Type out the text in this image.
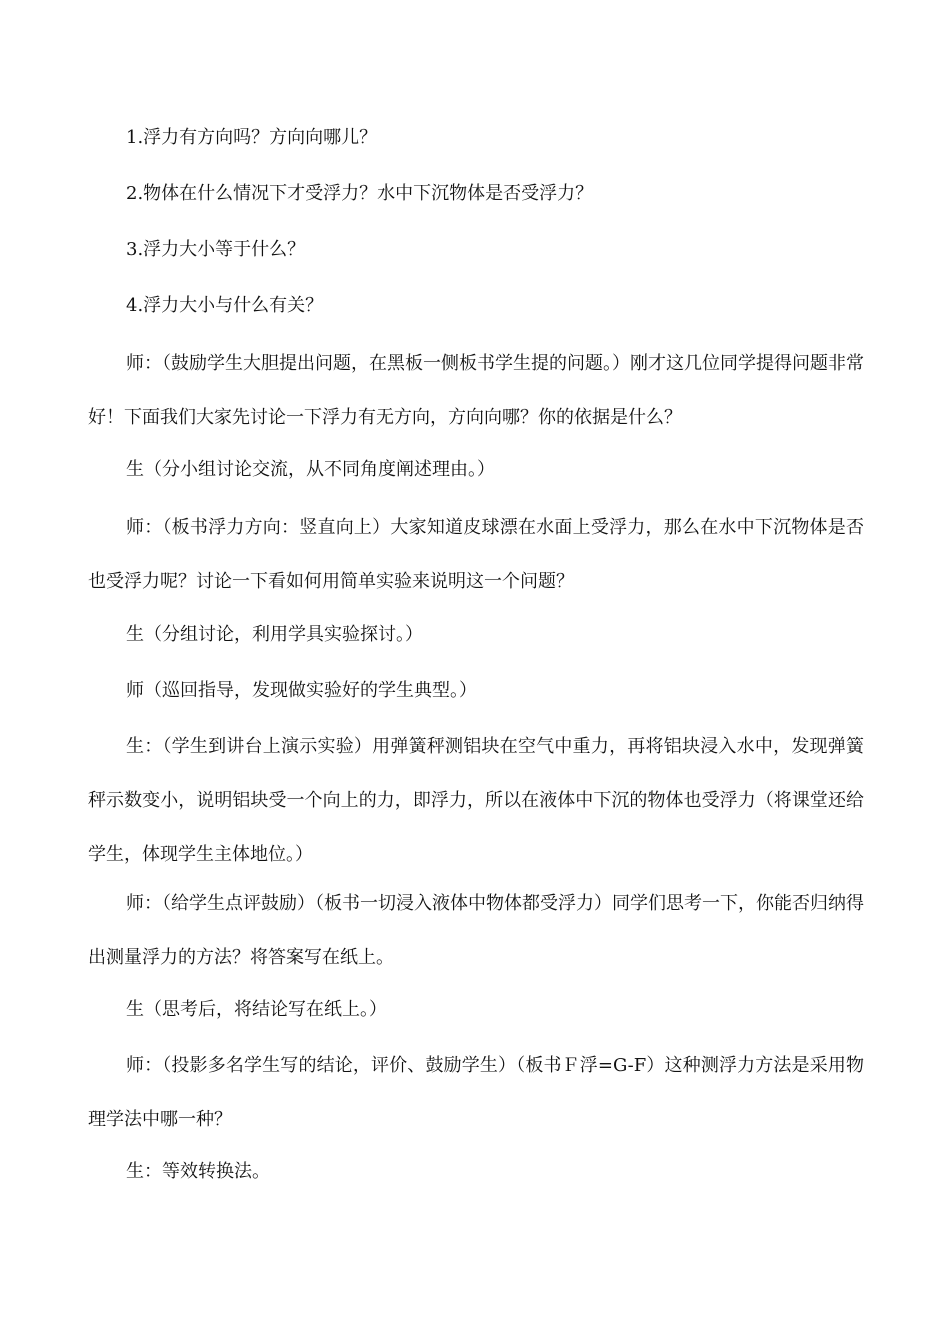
1.浮力有方向吗？方向向哪儿？

2.物体在什么情况下才受浮力？水中下沉物体是否受浮力？

3.浮力大小等于什么？

4.浮力大小与什么有关？

师：（鼓励学生大胆提出问题，在黑板一侧板书学生提的问题。）刚才这几位同学提得问题非常好！下面我们大家先讨论一下浮力有无方向，方向向哪？你的依据是什么？

生（分小组讨论交流，从不同角度阐述理由。）

师：（板书浮力方向：竖直向上）大家知道皮球漂在水面上受浮力，那么在水中下沉物体是否也受浮力呢？讨论一下看如何用简单实验来说明这一个问题？

生（分组讨论，利用学具实验探讨。）

师（巡回指导，发现做实验好的学生典型。）

生：（学生到讲台上演示实验）用弹簧秤测铝块在空气中重力，再将铝块浸入水中，发现弹簧秤示数变小，说明铝块受一个向上的力，即浮力，所以在液体中下沉的物体也受浮力（将课堂还给学生，体现学生主体地位。）

师：（给学生点评鼓励）（板书一切浸入液体中物体都受浮力）同学们思考一下，你能否归纳得出测量浮力的方法？将答案写在纸上。

生（思考后，将结论写在纸上。）

师：（投影多名学生写的结论，评价、鼓励学生）（板书Ｆ浮=G-F）这种测浮力方法是采用物理学法中哪一种？

生：等效转换法。
